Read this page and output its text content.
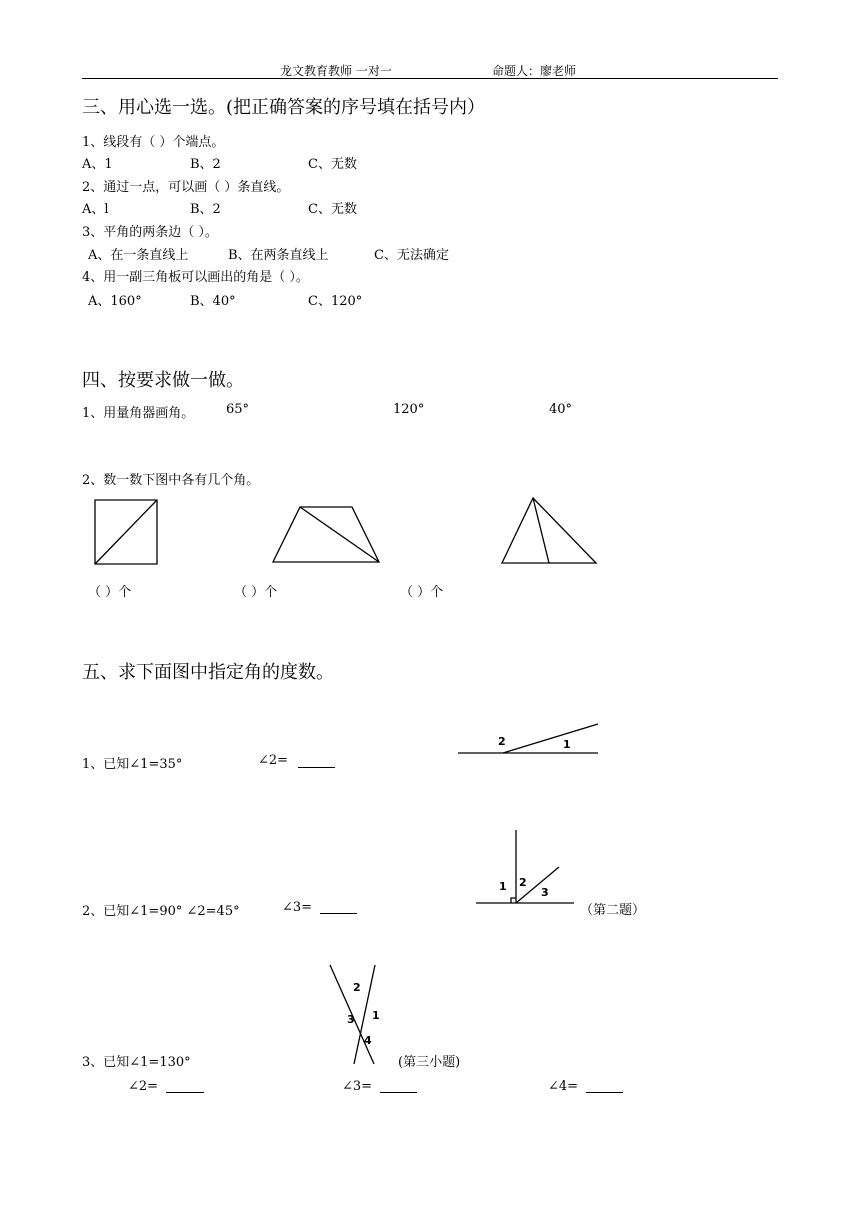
龙文教育教师 一对一	命题人：廖老师
三、用心选一选。(把正确答案的序号填在括号内）
1、线段有（ ）个端点。
A、1	B、2	C、无数
2、通过一点，可以画（ ）条直线。
A、l	B、2	C、无数
3、平角的两条边（ ）。
A、在一条直线上	B、在两条直线上	C、无法确定
4、用一副三角板可以画出的角是（ ）。
A、160°	B、40°	C、120°
四、按要求做一做。
1、用量角器画角。 65°	120°	40°
2、数一数下图中各有几个角。
（ ）个	（ ）个	（ ）个
五、求下面图中指定角的度数。
1、已知∠1=35°	∠2=
2	1
2、已知∠1=90° ∠2=45°	∠3=
1 2
3
（第二题）
2
3 1
4
3、已知∠1=130°	(第三小题)
∠2=	∠3=	∠4=
